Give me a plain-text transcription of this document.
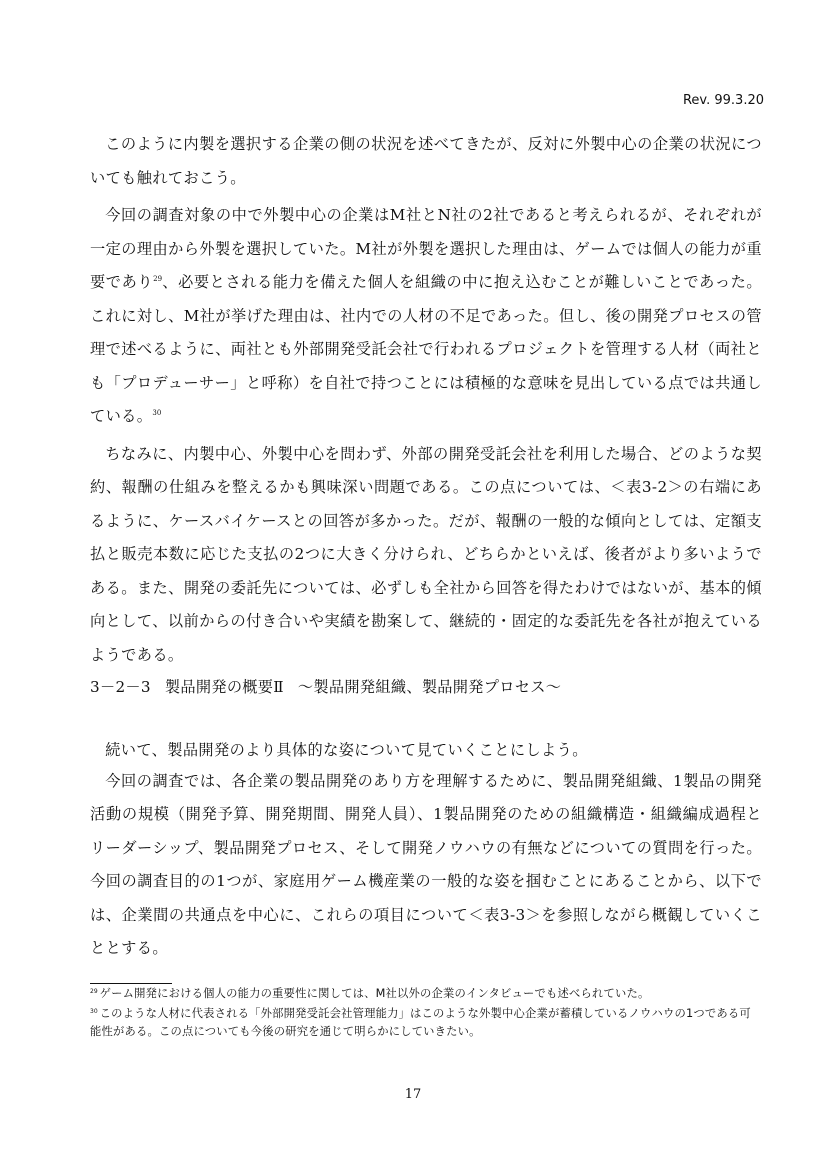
Rev. 99.3.20

このように内製を選択する企業の側の状況を述べてきたが、反対に外製中心の企業の状況についても触れておこう。

今回の調査対象の中で外製中心の企業はM社とN社の2社であると考えられるが、それぞれが一定の理由から外製を選択していた。M社が外製を選択した理由は、ゲームでは個人の能力が重要であり$^{29}$、必要とされる能力を備えた個人を組織の中に抱え込むことが難しいことであった。これに対し、M社が挙げた理由は、社内での人材の不足であった。但し、後の開発プロセスの管理で述べるように、両社とも外部開発受託会社で行われるプロジェクトを管理する人材（両社とも「プロデューサー」と呼称）を自社で持つことには積極的な意味を見出している点では共通している。$^{30}$

ちなみに、内製中心、外製中心を問わず、外部の開発受託会社を利用した場合、どのような契約、報酬の仕組みを整えるかも興味深い問題である。この点については、＜表3-2＞の右端にあるように、ケースバイケースとの回答が多かった。だが、報酬の一般的な傾向としては、定額支払と販売本数に応じた支払の2つに大きく分けられ、どちらかといえば、後者がより多いようである。また、開発の委託先については、必ずしも全社から回答を得たわけではないが、基本的傾向として、以前からの付き合いや実績を勘案して、継続的・固定的な委託先を各社が抱えているようである。

3－2－3 製品開発の概要Ⅱ ～製品開発組織、製品開発プロセス～

続いて、製品開発のより具体的な姿について見ていくことにしよう。

今回の調査では、各企業の製品開発のあり方を理解するために、製品開発組織、1製品の開発活動の規模（開発予算、開発期間、開発人員）、1製品開発のための組織構造・組織編成過程とリーダーシップ、製品開発プロセス、そして開発ノウハウの有無などについての質問を行った。今回の調査目的の1つが、家庭用ゲーム機産業の一般的な姿を掴むことにあることから、以下では、企業間の共通点を中心に、これらの項目について＜表3-3＞を参照しながら概観していくこととする。

$^{29}$ ゲーム開発における個人の能力の重要性に関しては、M社以外の企業のインタビューでも述べられていた。

$^{30}$ このような人材に代表される「外部開発受託会社管理能力」はこのような外製中心企業が蓄積しているノウハウの1つである可能性がある。この点についても今後の研究を通じて明らかにしていきたい。

17
